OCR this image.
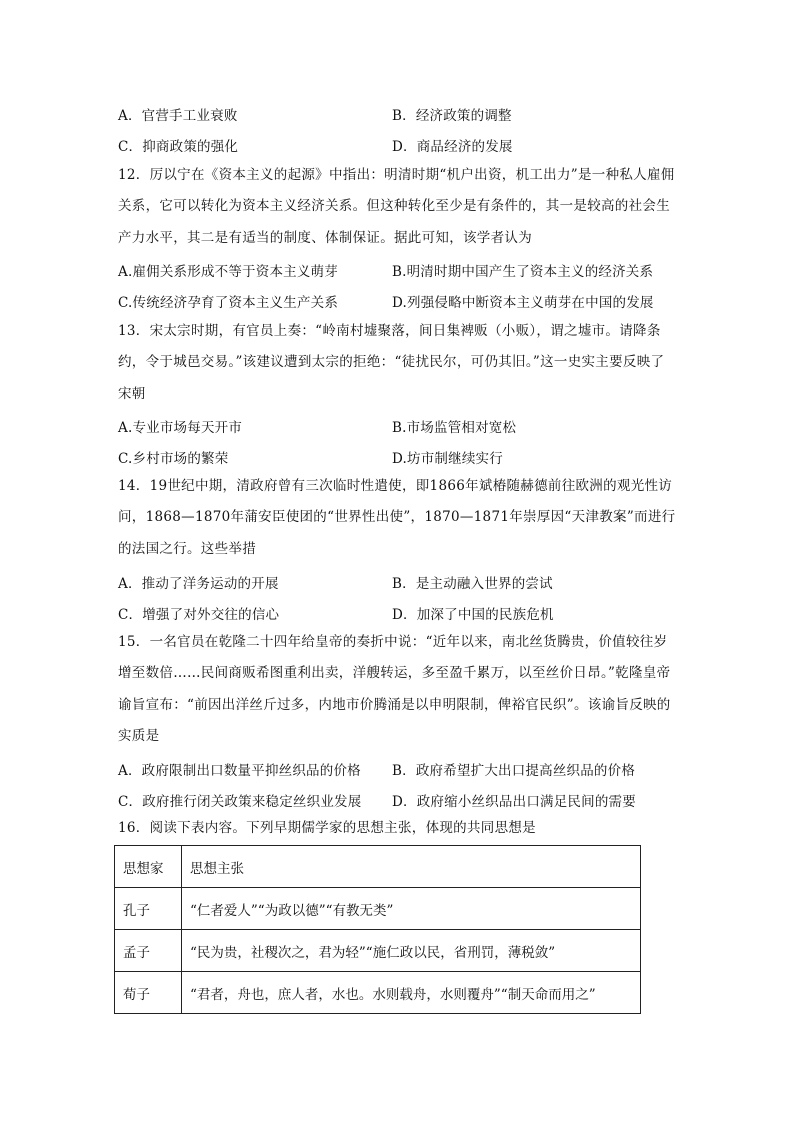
A．官营手工业衰败	B．经济政策的调整
C．抑商政策的强化	D．商品经济的发展

12．厉以宁在《资本主义的起源》中指出：明清时期“机户出资，机工出力”是一种私人雇佣关系，它可以转化为资本主义经济关系。但这种转化至少是有条件的，其一是较高的社会生产力水平，其二是有适当的制度、体制保证。据此可知，该学者认为

A.雇佣关系形成不等于资本主义萌芽	B.明清时期中国产生了资本主义的经济关系
C.传统经济孕育了资本主义生产关系	D.列强侵略中断资本主义萌芽在中国的发展

13．宋太宗时期，有官员上奏：“岭南村墟聚落，间日集裨贩（小贩），谓之墟市。请降条约，令于城邑交易。”该建议遭到太宗的拒绝：“徒扰民尔，可仍其旧。”这一史实主要反映了宋朝

A.专业市场每天开市	B.市场监管相对宽松
C.乡村市场的繁荣	D.坊市制继续实行

14．19世纪中期，清政府曾有三次临时性遣使，即1866年斌椿随赫德前往欧洲的观光性访问，1868—1870年蒲安臣使团的“世界性出使”，1870—1871年崇厚因“天津教案”而进行的法国之行。这些举措

A．推动了洋务运动的开展	B．是主动融入世界的尝试
C．增强了对外交往的信心	D．加深了中国的民族危机

15．一名官员在乾隆二十四年给皇帝的奏折中说：“近年以来，南北丝货腾贵，价值较往岁增至数倍……民间商贩希图重利出卖，洋艘转运，多至盈千累万，以至丝价日昂。”乾隆皇帝谕旨宣布：“前因出洋丝斤过多，内地市价腾涌是以申明限制，俾裕官民织”。该谕旨反映的实质是

A．政府限制出口数量平抑丝织品的价格 B．政府希望扩大出口提高丝织品的价格
C．政府推行闭关政策来稳定丝织业发展 D．政府缩小丝织品出口满足民间的需要

16．阅读下表内容。下列早期儒学家的思想主张，体现的共同思想是

思想家	思想主张
孔子	“仁者爱人”“为政以德”“有教无类”
孟子	“民为贵，社稷次之，君为轻”“施仁政以民，省刑罚，薄税敛”
荀子	“君者，舟也，庶人者，水也。水则载舟，水则覆舟”“制天命而用之”
